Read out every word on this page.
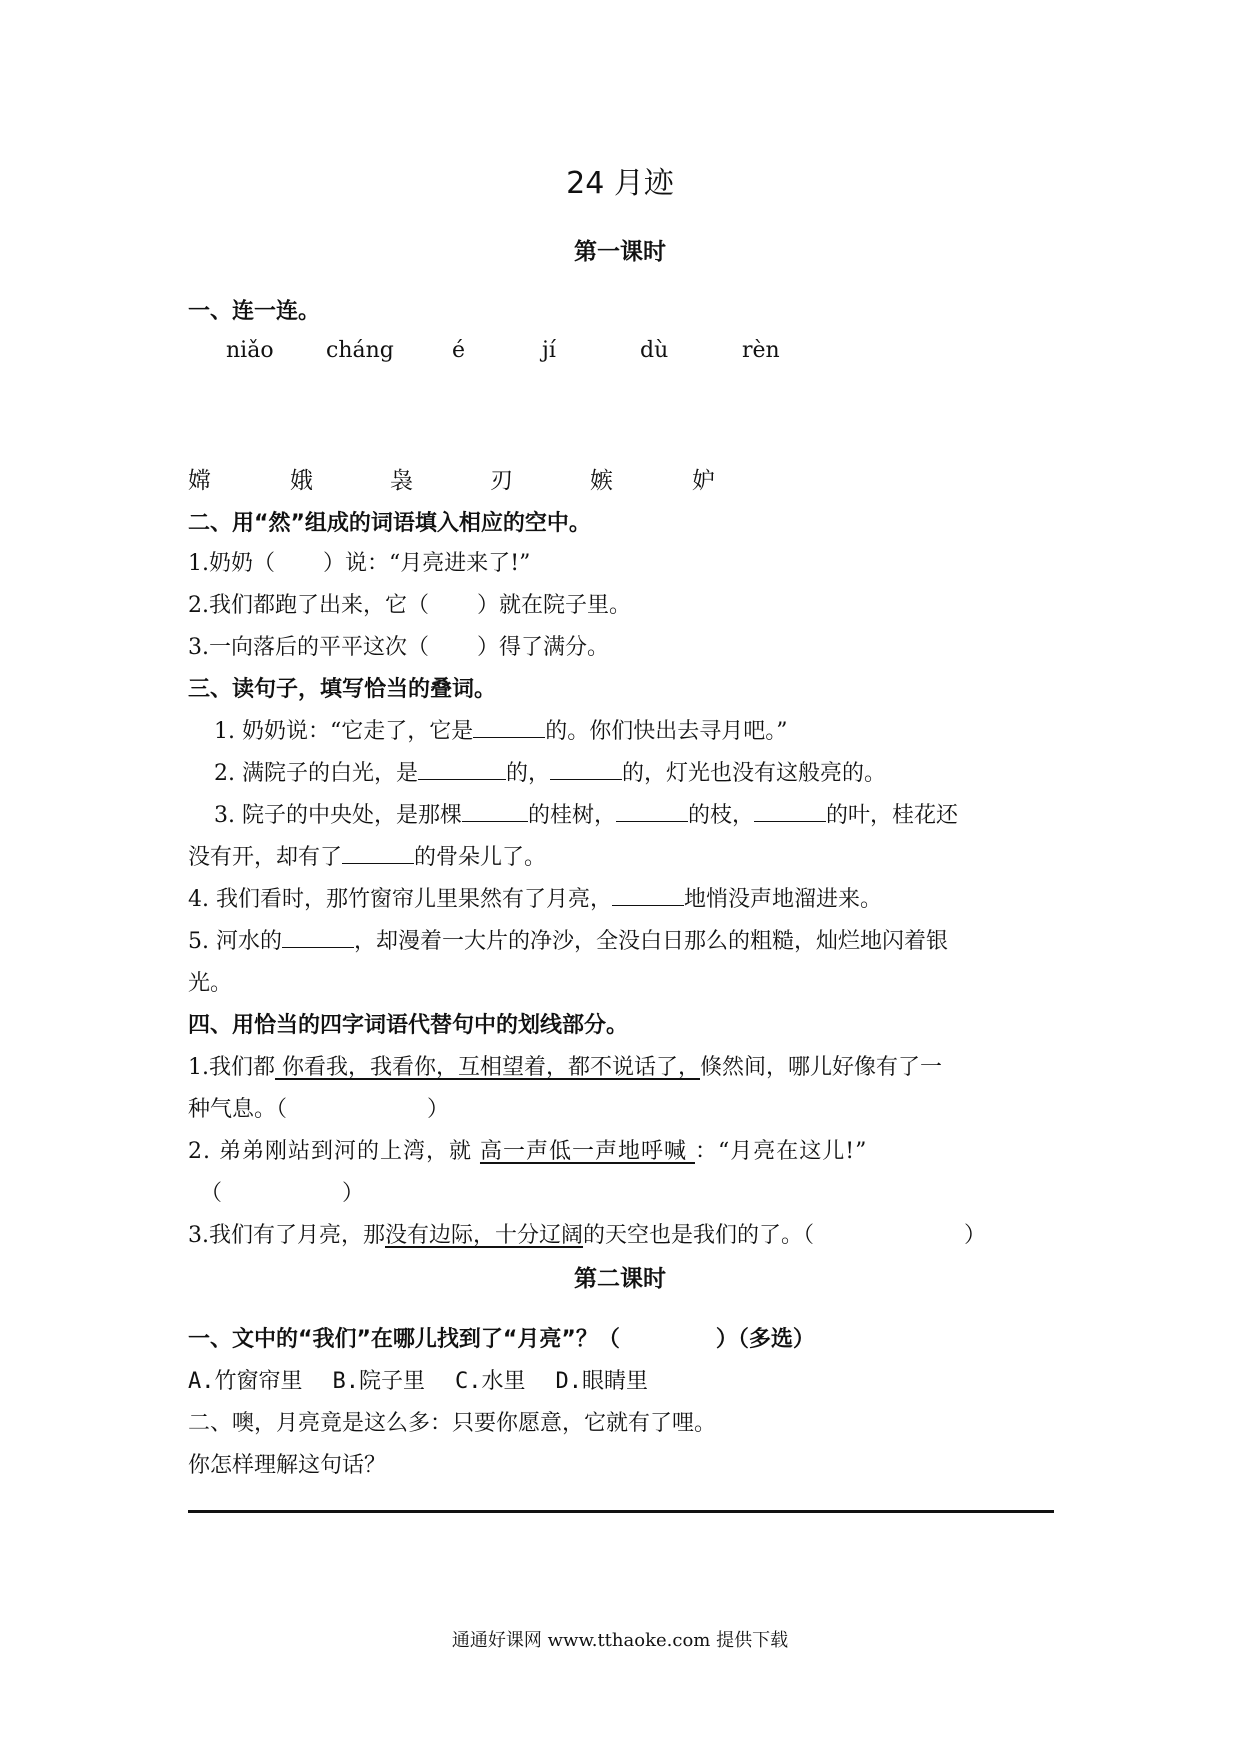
24 月迹
第一课时
一、连一连。
niǎo cháng	é	jí	dù	rèn
嫦	娥	袅	刃	嫉	妒
二、用“然”组成的词语填入相应的空中。
1.奶奶（ ）说：“月亮进来了!”
2.我们都跑了出来，它（ ）就在院子里。
3.一向落后的平平这次（ ）得了满分。
三、读句子，填写恰当的叠词。
1. 奶奶说：“它走了，它是	的。你们快出去寻月吧。”
2. 满院子的白光，是	的，	的，灯光也没有这般亮的。
3. 院子的中央处，是那棵	的桂树，	的枝，	的叶，桂花还
没有开，却有了	的骨朵儿了。
4. 我们看时，那竹窗帘儿里果然有了月亮，	地悄没声地溜进来。
5. 河水的	，却漫着一大片的净沙，全没白日那么的粗糙，灿烂地闪着银
光。
四、用恰当的四字词语代替句中的划线部分。
1.我们都 你看我，我看你，互相望着，都不说话了，倏然间，哪儿好像有了一
种气息。（	）
2. 弟弟刚站到河的上湾，就 高一声低一声地呼喊 ：“月亮在这儿!”
（	）
3.我们有了月亮，那没有边际，十分辽阔的天空也是我们的了。（	）
第二课时
一、文中的“我们”在哪儿找到了“月亮”？（	）（多选）
A.竹窗帘里 B.院子里 C.水里 D.眼睛里
二、噢，月亮竟是这么多：只要你愿意，它就有了哩。
你怎样理解这句话？
通通好课网 www.tthaoke.com 提供下载
